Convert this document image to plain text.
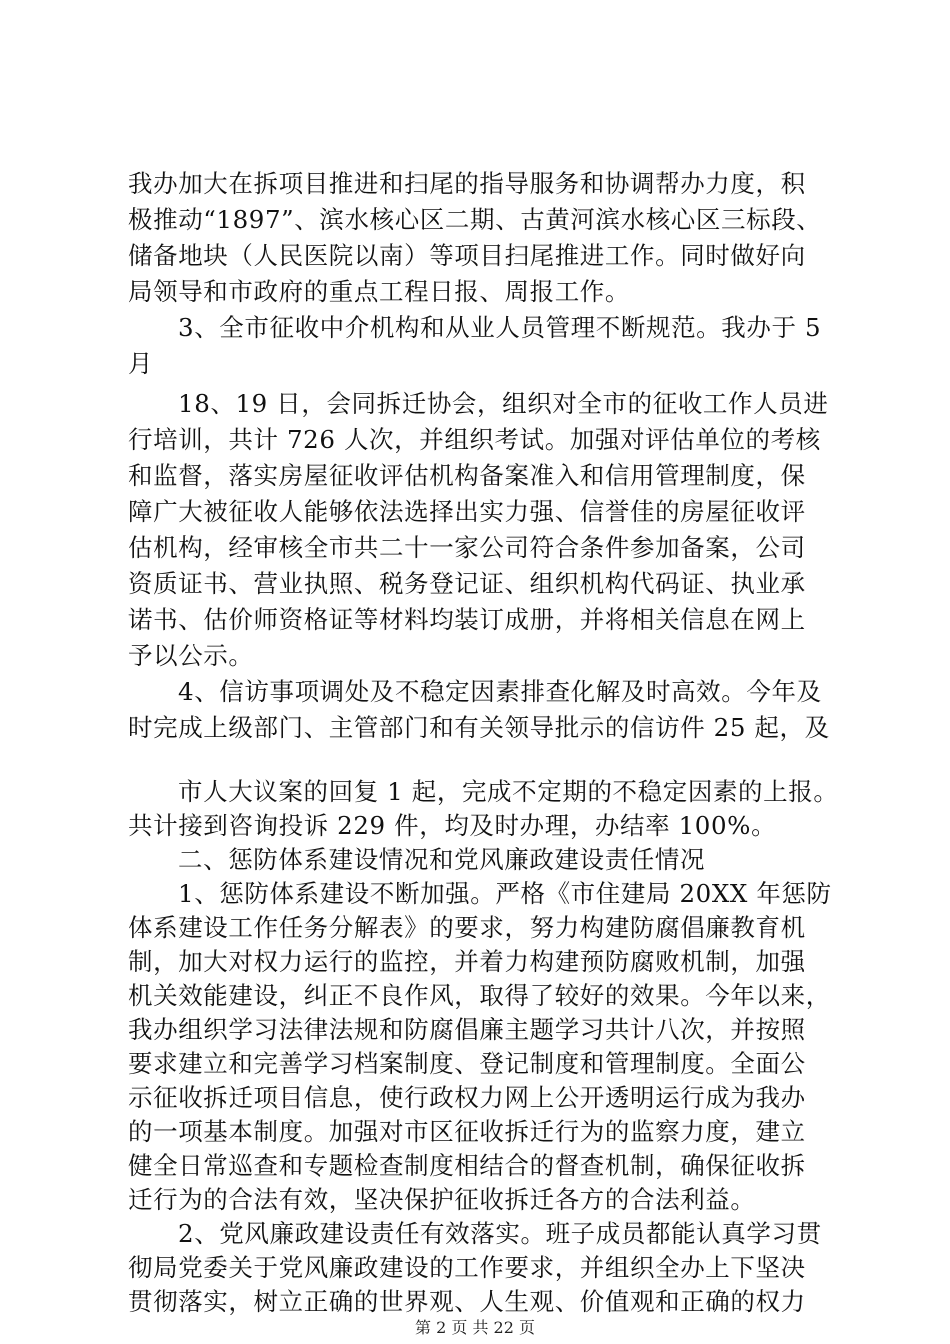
我办加大在拆项目推进和扫尾的指导服务和协调帮办力度，积
极推动“1897”、滨水核心区二期、古黄河滨水核心区三标段、
储备地块（人民医院以南）等项目扫尾推进工作。同时做好向
局领导和市政府的重点工程日报、周报工作。
3、全市征收中介机构和从业人员管理不断规范。我办于 5
月
18、19 日，会同拆迁协会，组织对全市的征收工作人员进
行培训，共计 726 人次，并组织考试。加强对评估单位的考核
和监督，落实房屋征收评估机构备案准入和信用管理制度，保
障广大被征收人能够依法选择出实力强、信誉佳的房屋征收评
估机构，经审核全市共二十一家公司符合条件参加备案，公司
资质证书、营业执照、税务登记证、组织机构代码证、执业承
诺书、估价师资格证等材料均装订成册，并将相关信息在网上
予以公示。
4、信访事项调处及不稳定因素排查化解及时高效。今年及
时完成上级部门、主管部门和有关领导批示的信访件 25 起，及
市人大议案的回复 1 起，完成不定期的不稳定因素的上报。
共计接到咨询投诉 229 件，均及时办理，办结率 100%。
二、惩防体系建设情况和党风廉政建设责任情况
1、惩防体系建设不断加强。严格《市住建局 20XX 年惩防
体系建设工作任务分解表》的要求，努力构建防腐倡廉教育机
制，加大对权力运行的监控，并着力构建预防腐败机制，加强
机关效能建设，纠正不良作风，取得了较好的效果。今年以来，
我办组织学习法律法规和防腐倡廉主题学习共计八次，并按照
要求建立和完善学习档案制度、登记制度和管理制度。全面公
示征收拆迁项目信息，使行政权力网上公开透明运行成为我办
的一项基本制度。加强对市区征收拆迁行为的监察力度，建立
健全日常巡查和专题检查制度相结合的督查机制，确保征收拆
迁行为的合法有效，坚决保护征收拆迁各方的合法利益。
2、党风廉政建设责任有效落实。班子成员都能认真学习贯
第 2 页 共 22 页
彻局党委关于党风廉政建设的工作要求，并组织全办上下坚决
贯彻落实，树立正确的世界观、人生观、价值观和正确的权力
